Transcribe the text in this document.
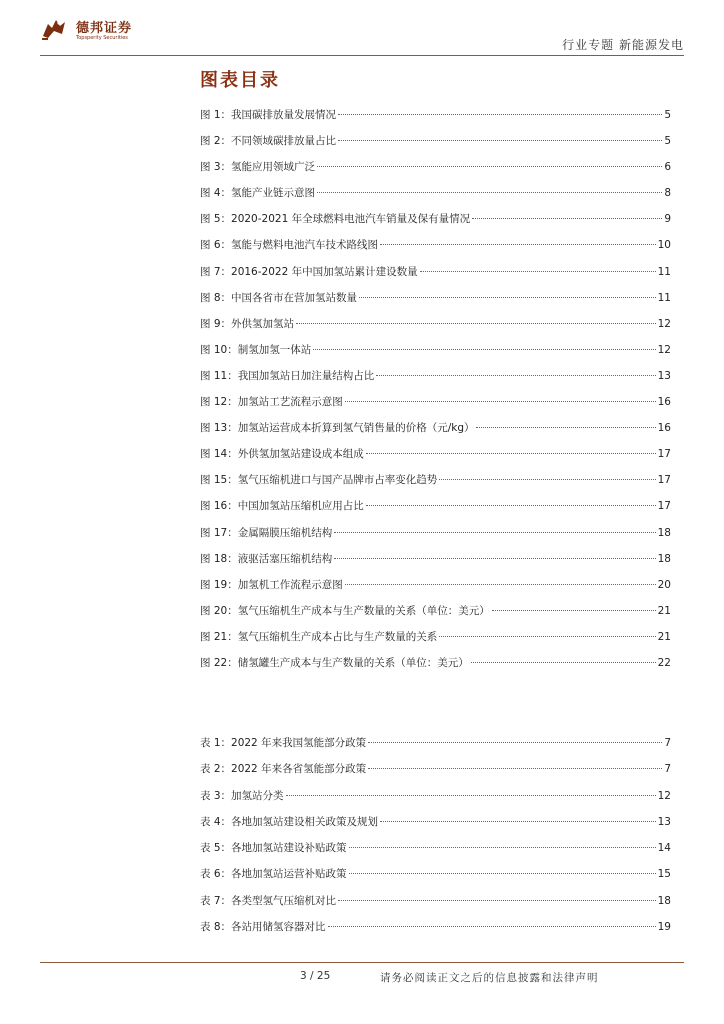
德邦证券
Topsperity Securities	行业专题 新能源发电
图表目录
图 1：我国碳排放量发展情况	5
图 2：不同领域碳排放量占比	5
图 3：氢能应用领域广泛	6
图 4：氢能产业链示意图	8
图 5：2020-2021 年全球燃料电池汽车销量及保有量情况	9
图 6：氢能与燃料电池汽车技术路线图	10
图 7：2016-2022 年中国加氢站累计建设数量	11
图 8：中国各省市在营加氢站数量	11
图 9：外供氢加氢站	12
图 10：制氢加氢一体站	12
图 11：我国加氢站日加注量结构占比	13
图 12：加氢站工艺流程示意图	16
图 13：加氢站运营成本折算到氢气销售量的价格（元/kg）	16
图 14：外供氢加氢站建设成本组成	17
图 15：氢气压缩机进口与国产品牌市占率变化趋势	17
图 16：中国加氢站压缩机应用占比	17
图 17：金属隔膜压缩机结构	18
图 18：液驱活塞压缩机结构	18
图 19：加氢机工作流程示意图	20
图 20：氢气压缩机生产成本与生产数量的关系（单位：美元）	21
图 21：氢气压缩机生产成本占比与生产数量的关系	21
图 22：储氢罐生产成本与生产数量的关系（单位：美元）	22
表 1：2022 年来我国氢能部分政策	7
表 2：2022 年来各省氢能部分政策	7
表 3：加氢站分类	12
表 4：各地加氢站建设相关政策及规划	13
表 5：各地加氢站建设补贴政策	14
表 6：各地加氢站运营补贴政策	15
表 7：各类型氢气压缩机对比	18
表 8：各站用储氢容器对比	19
3 / 25	请务必阅读正文之后的信息披露和法律声明
